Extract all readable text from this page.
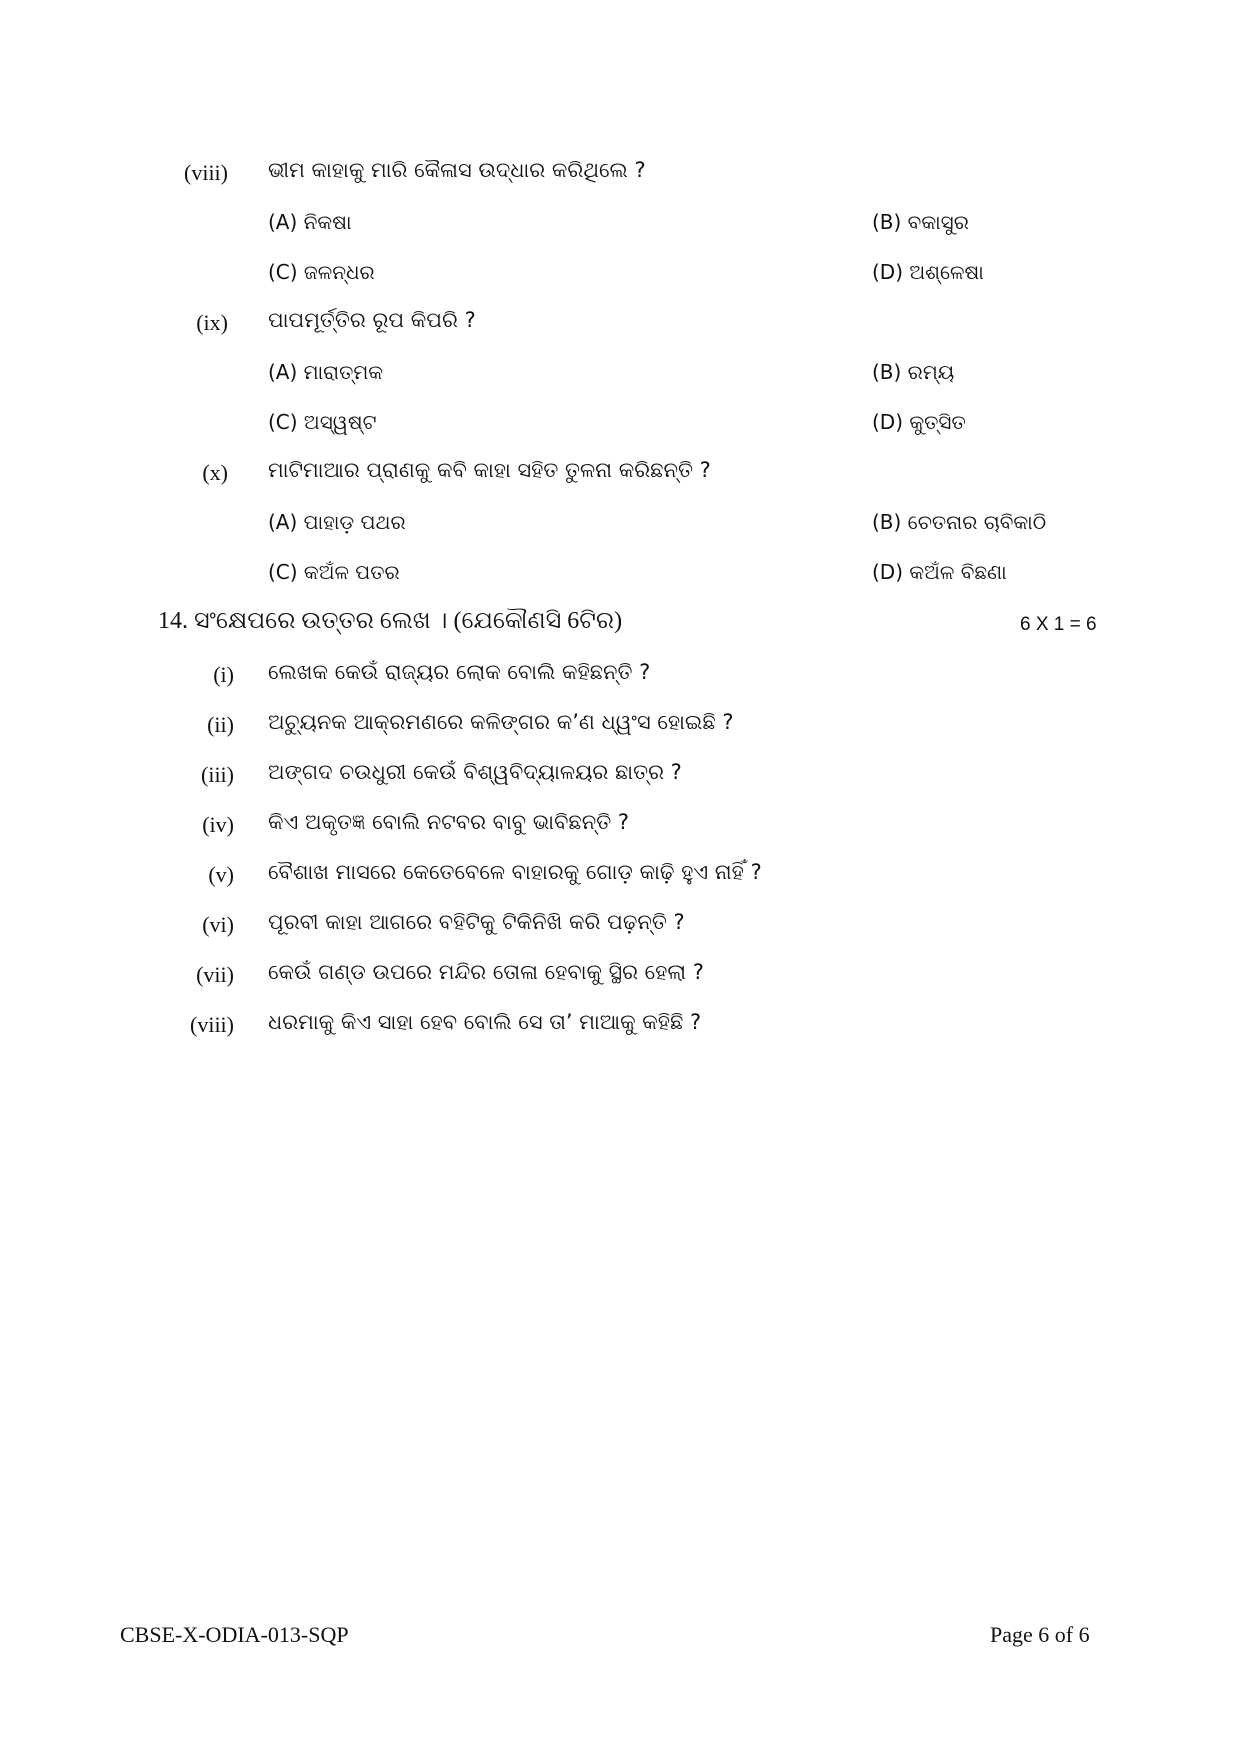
(viii) ଭୀମ କାହାକୁ ମାରି କୈଳାସ ଉଦ୍ଧାର କରିଥିଲେ ?
(A) ନିକଷା	(B) ବକାସୁର
(C) ଜଳନ୍ଧର	(D) ଅଶ୍ଳେଷା
(ix) ପାପମୂର୍ତ୍ତିର ରୂପ କିପରି ?
(A) ମାରାତ୍ମକ	(B) ରମ୍ୟ
(C) ଅସ୍ୱଷ୍ଟ	(D) କୁତ୍ସିତ
(x) ମାଟିମାଆର ପ୍ରାଣକୁ କବି କାହା ସହିତ ତୁଳନା କରିଛନ୍ତି ?
(A) ପାହାଡ଼ ପଥର	(B) ଚେତନାର ଚାବିକାଠି
(C) କଅଁଳ ପତର	(D) କଅଁଳ ବିଛଣା
14. ସଂକ୍ଷେପରେ ଉତ୍ତର ଲେଖ । (ଯେକୌଣସି 6ଟିର)	6 X 1 = 6
(i) ଲେଖକ କେଉଁ ରାଜ୍ୟର ଲୋକ ବୋଲି କହିଛନ୍ତି ?
(ii) ଅଚ୍ୟୁନକ ଆକ୍ରମଣରେ କଳିଙ୍ଗର କ’ଣ ଧ୍ୱଂସ ହୋଇଛି ?
(iii) ଅଙ୍ଗଦ ଚଉଧୁରୀ କେଉଁ ବିଶ୍ୱବିଦ୍ୟାଳୟର ଛାତ୍ର ?
(iv) କିଏ ଅକୃତଜ୍ଞ ବୋଲି ନଟବର ବାବୁ ଭାବିଛନ୍ତି ?
(v) ବୈଶାଖ ମାସରେ କେତେବେଳେ ବାହାରକୁ ଗୋଡ଼ କାଢ଼ି ହୁଏ ନାହିଁ ?
(vi) ପୂରବୀ କାହା ଆଗରେ ବହିଟିକୁ ଟିକିନିଖି କରି ପଢ଼ନ୍ତି ?
(vii) କେଉଁ ଗଣ୍ଡ ଉପରେ ମନ୍ଦିର ତୋଳା ହେବାକୁ ସ୍ଥିର ହେଲା ?
(viii) ଧରମାକୁ କିଏ ସାହା ହେବ ବୋଲି ସେ ତା’ ମାଆକୁ କହିଛି ?
CBSE-X-ODIA-013-SQP	Page 6 of 6
